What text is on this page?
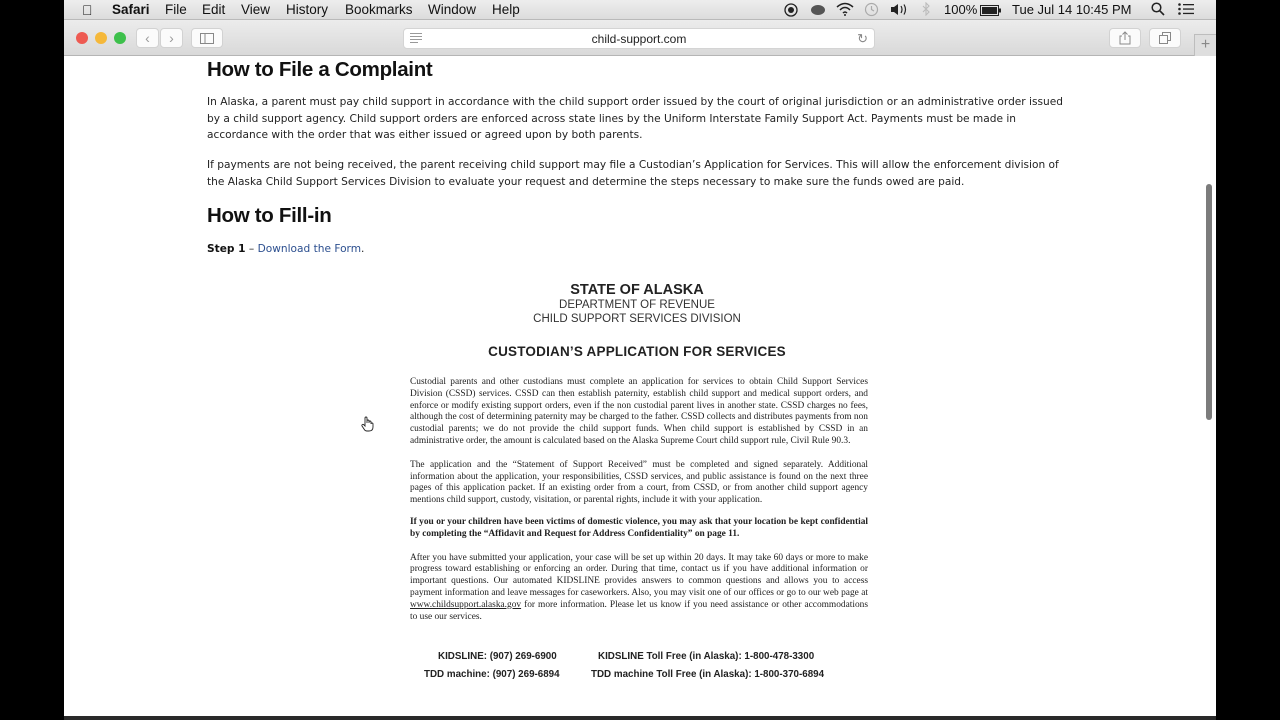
Safari File Edit View History Bookmarks Window Help	100%	Tue Jul 14 10:45 PM
‹	›	child-support.com	↻	+
How to File a Complaint

In Alaska, a parent must pay child support in accordance with the child support order issued by the court of original jurisdiction or an administrative order issued by a child support agency. Child support orders are enforced across state lines by the Uniform Interstate Family Support Act. Payments must be made in accordance with the order that was either issued or agreed upon by both parents.

If payments are not being received, the parent receiving child support may file a Custodian’s Application for Services. This will allow the enforcement division of the Alaska Child Support Services Division to evaluate your request and determine the steps necessary to make sure the funds owed are paid.

How to Fill-in

Step 1 – Download the Form.

STATE OF ALASKA
DEPARTMENT OF REVENUE
CHILD SUPPORT SERVICES DIVISION
CUSTODIAN’S APPLICATION FOR SERVICES

Custodial parents and other custodians must complete an application for services to obtain Child Support Services Division (CSSD) services. CSSD can then establish paternity, establish child support and medical support orders, and enforce or modify existing support orders, even if the non custodial parent lives in another state. CSSD charges no fees, although the cost of determining paternity may be charged to the father. CSSD collects and distributes payments from non custodial parents; we do not provide the child support funds. When child support is established by CSSD in an administrative order, the amount is calculated based on the Alaska Supreme Court child support rule, Civil Rule 90.3.

The application and the “Statement of Support Received” must be completed and signed separately. Additional information about the application, your responsibilities, CSSD services, and public assistance is found on the next three pages of this application packet. If an existing order from a court, from CSSD, or from another child support agency mentions child support, custody, visitation, or parental rights, include it with your application.

If you or your children have been victims of domestic violence, you may ask that your location be kept confidential by completing the “Affidavit and Request for Address Confidentiality” on page 11.

After you have submitted your application, your case will be set up within 20 days. It may take 60 days or more to make progress toward establishing or enforcing an order. During that time, contact us if you have additional information or important questions. Our automated KIDSLINE provides answers to common questions and allows you to access payment information and leave messages for caseworkers. Also, you may visit one of our offices or go to our web page at www.childsupport.alaska.gov for more information. Please let us know if you need assistance or other accommodations to use our services.

KIDSLINE: (907) 269-6900	KIDSLINE Toll Free (in Alaska): 1-800-478-3300
TDD machine: (907) 269-6894	TDD machine Toll Free (in Alaska): 1-800-370-6894
